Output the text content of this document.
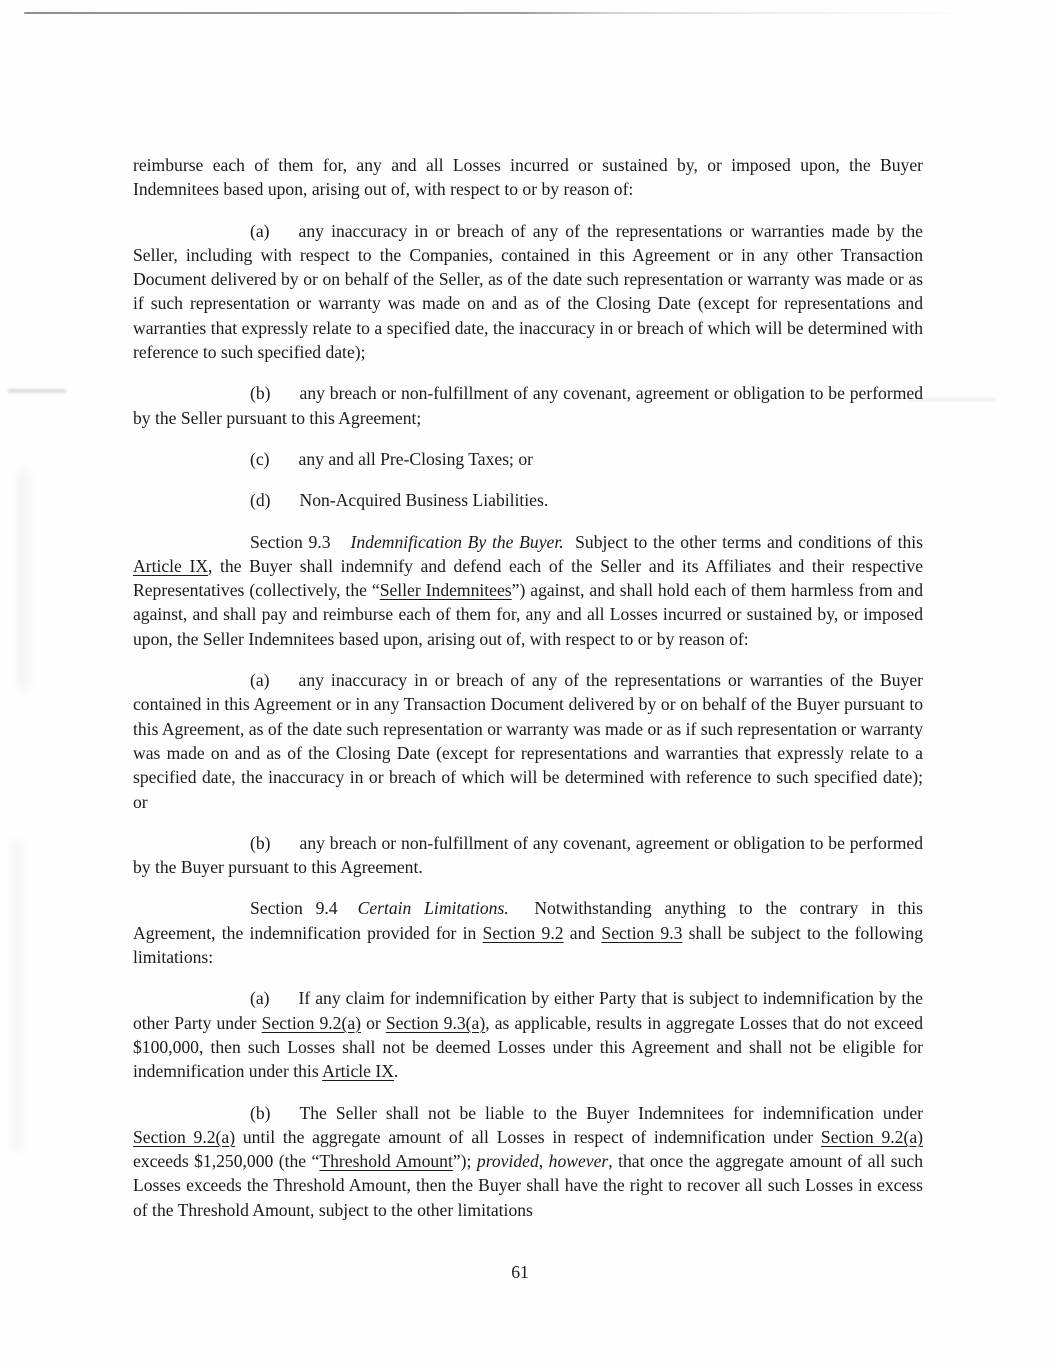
reimburse each of them for, any and all Losses incurred or sustained by, or imposed upon, the Buyer Indemnitees based upon, arising out of, with respect to or by reason of:

(a) any inaccuracy in or breach of any of the representations or warranties made by the Seller, including with respect to the Companies, contained in this Agreement or in any other Transaction Document delivered by or on behalf of the Seller, as of the date such representation or warranty was made or as if such representation or warranty was made on and as of the Closing Date (except for representations and warranties that expressly relate to a specified date, the inaccuracy in or breach of which will be determined with reference to such specified date);

(b) any breach or non-fulfillment of any covenant, agreement or obligation to be performed by the Seller pursuant to this Agreement;

(c) any and all Pre-Closing Taxes; or

(d) Non-Acquired Business Liabilities.

Section 9.3 Indemnification By the Buyer.  Subject to the other terms and conditions of this Article IX, the Buyer shall indemnify and defend each of the Seller and its Affiliates and their respective Representatives (collectively, the “Seller Indemnitees”) against, and shall hold each of them harmless from and against, and shall pay and reimburse each of them for, any and all Losses incurred or sustained by, or imposed upon, the Seller Indemnitees based upon, arising out of, with respect to or by reason of:

(a) any inaccuracy in or breach of any of the representations or warranties of the Buyer contained in this Agreement or in any Transaction Document delivered by or on behalf of the Buyer pursuant to this Agreement, as of the date such representation or warranty was made or as if such representation or warranty was made on and as of the Closing Date (except for representations and warranties that expressly relate to a specified date, the inaccuracy in or breach of which will be determined with reference to such specified date); or

(b) any breach or non-fulfillment of any covenant, agreement or obligation to be performed by the Buyer pursuant to this Agreement.

Section 9.4 Certain Limitations.  Notwithstanding anything to the contrary in this Agreement, the indemnification provided for in Section 9.2 and Section 9.3 shall be subject to the following limitations:

(a) If any claim for indemnification by either Party that is subject to indemnification by the other Party under Section 9.2(a) or Section 9.3(a), as applicable, results in aggregate Losses that do not exceed $100,000, then such Losses shall not be deemed Losses under this Agreement and shall not be eligible for indemnification under this Article IX.

(b) The Seller shall not be liable to the Buyer Indemnitees for indemnification under Section 9.2(a) until the aggregate amount of all Losses in respect of indemnification under Section 9.2(a) exceeds $1,250,000 (the “Threshold Amount”); provided, however, that once the aggregate amount of all such Losses exceeds the Threshold Amount, then the Buyer shall have the right to recover all such Losses in excess of the Threshold Amount, subject to the other limitations

61
